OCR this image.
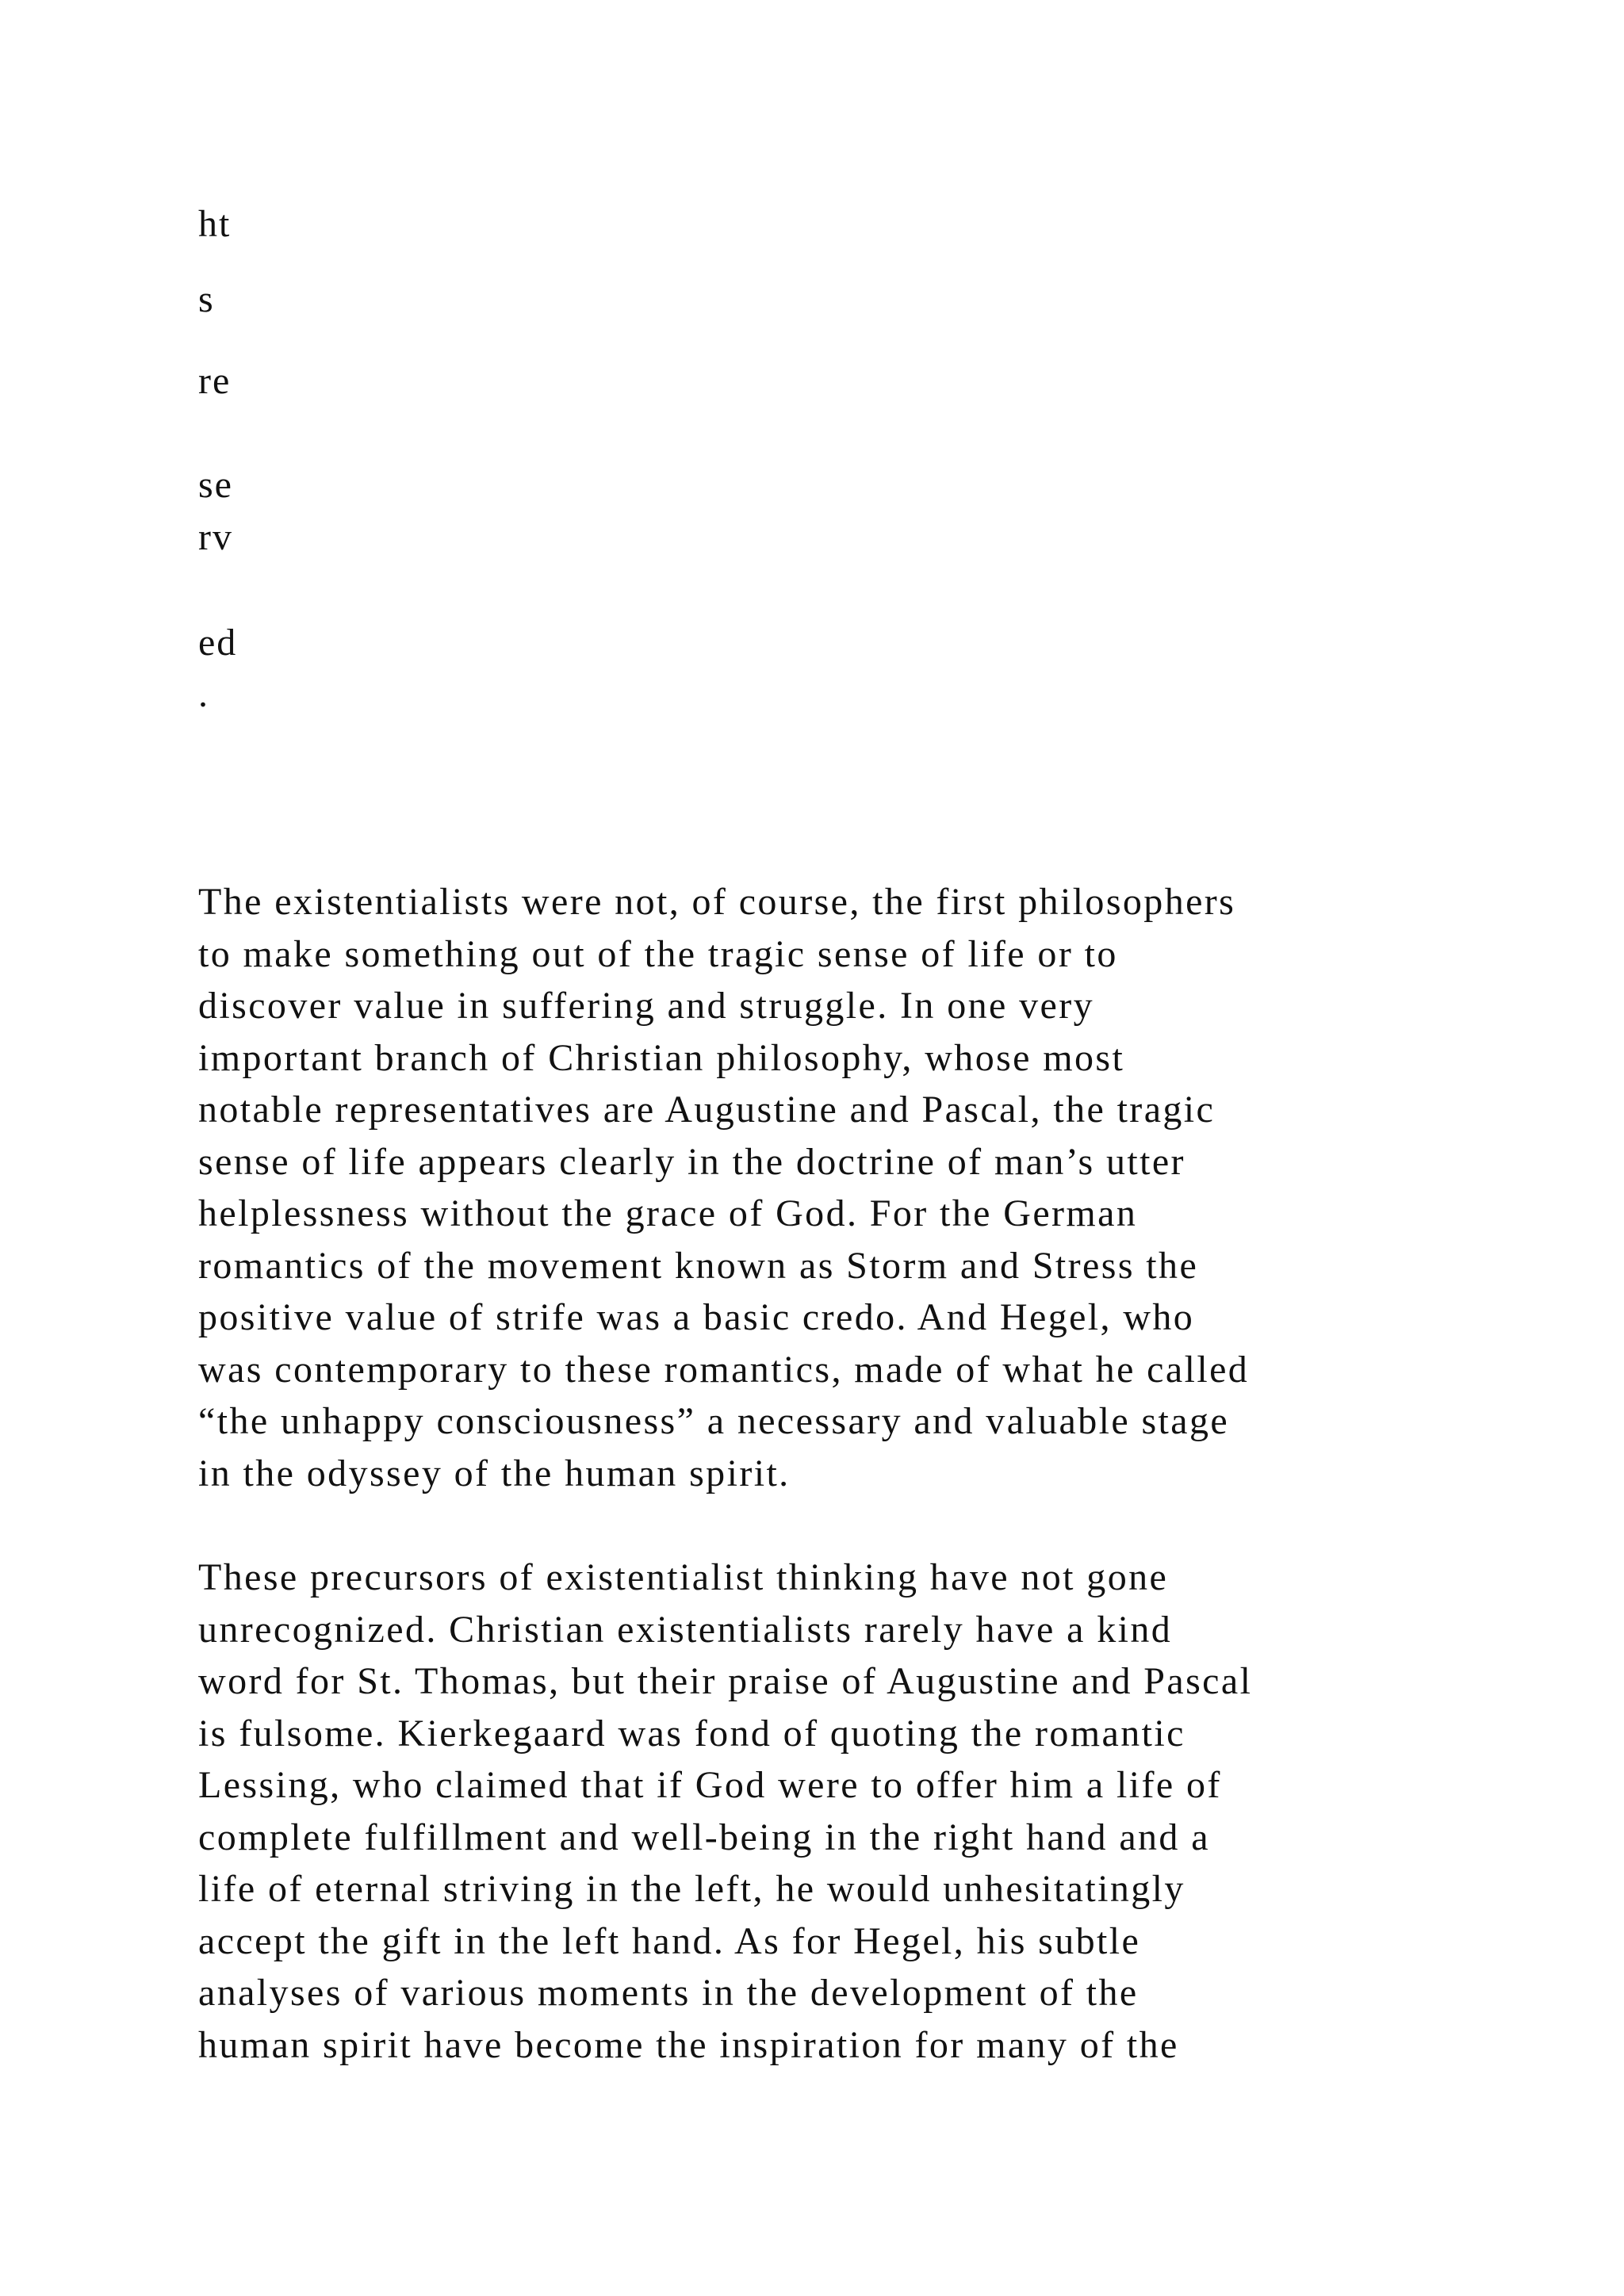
ht
s
re
se
rv
ed
.
The existentialists were not, of course, the first philosophers
to make something out of the tragic sense of life or to
discover value in suffering and struggle. In one very
important branch of Christian philosophy, whose most
notable representatives are Augustine and Pascal, the tragic
sense of life appears clearly in the doctrine of man’s utter
helplessness without the grace of God. For the German
romantics of the movement known as Storm and Stress the
positive value of strife was a basic credo. And Hegel, who
was contemporary to these romantics, made of what he called
“the unhappy consciousness” a necessary and valuable stage
in the odyssey of the human spirit.
These precursors of existentialist thinking have not gone
unrecognized. Christian existentialists rarely have a kind
word for St. Thomas, but their praise of Augustine and Pascal
is fulsome. Kierkegaard was fond of quoting the romantic
Lessing, who claimed that if God were to offer him a life of
complete fulfillment and well-being in the right hand and a
life of eternal striving in the left, he would unhesitatingly
accept the gift in the left hand. As for Hegel, his subtle
analyses of various moments in the development of the
human spirit have become the inspiration for many of the
